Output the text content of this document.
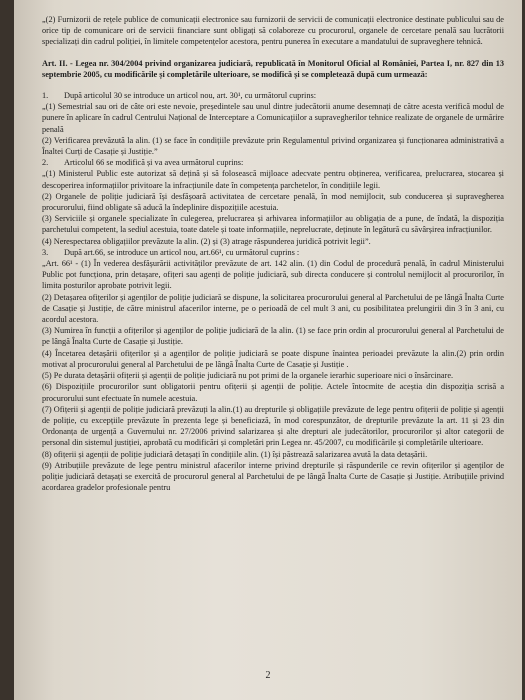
„(2) Furnizorii de rețele publice de comunicații electronice sau furnizorii de servicii de comunicații electronice destinate publicului sau de orice tip de comunicare ori de servicii financiare sunt obligați să colaboreze cu procurorul, organele de cercetare penală sau lucrătorii specializați din cadrul poliției, în limitele competențelor acestora, pentru punerea în executare a mandatului de supraveghere tehnică.

Art. II. - Legea nr. 304/2004 privind organizarea judiciară, republicată în Monitorul Oficial al României, Partea I, nr. 827 din 13 septembrie 2005, cu modificările și completările ulterioare, se modifică și se completează după cum urmează:

1. După articolul 30 se introduce un articol nou, art. 30¹, cu următorul cuprins:

„(1) Semestrial sau ori de câte ori este nevoie, președintele sau unul dintre judecătorii anume desemnați de către acesta verifică modul de punere în aplicare în cadrul Centrului Național de Interceptare a Comunicațiilor a supravegherilor tehnice realizate de organele de urmărire penală

(2) Verificarea prevăzută la alin. (1) se face în condițiile prevăzute prin Regulamentul privind organizarea și funcționarea administrativă a Înaltei Curți de Casație și Justiție.”

2. Articolul 66 se modifică și va avea următorul cuprins:

„(1) Ministerul Public este autorizat să dețină și să folosească mijloace adecvate pentru obținerea, verificarea, prelucrarea, stocarea și descoperirea informațiilor privitoare la infracțiunile date în competența parchetelor, în condițiile legii.

(2) Organele de poliție judiciară își desfășoară activitatea de cercetare penală, în mod nemijlocit, sub conducerea și supravegherea procurorului, fiind obligate să aducă la îndeplinire dispozițiile acestuia.

(3) Serviciile și organele specializate în culegerea, prelucrarea și arhivarea informațiilor au obligația de a pune, de îndată, la dispoziția parchetului competent, la sediul acestuia, toate datele și toate informațiile, neprelucrate, deținute în legătură cu săvârșirea infracțiunilor.

(4) Nerespectarea obligațiilor prevăzute la alin. (2) și (3) atrage răspunderea juridică potrivit legii”.

3. După art.66, se introduce un articol nou, art.66¹, cu următorul cuprins :

„Art. 66¹ - (1) În vederea desfășurării activităților prevăzute de art. 142 alin. (1) din Codul de procedură penală, în cadrul Ministerului Public pot funcționa, prin detașare, ofițeri sau agenți de poliție judiciară, sub directa conducere și controlul nemijlocit al procurorilor, în limita posturilor aprobate potrivit legii.

(2) Detașarea ofițerilor și agenților de poliție judiciară se dispune, la solicitarea procurorului general al Parchetului de pe lângă Înalta Curte de Casație și Justiție, de către ministrul afacerilor interne, pe o perioadă de cel mult 3 ani, cu posibilitatea prelungirii din 3 în 3 ani, cu acordul acestora.

(3) Numirea în funcții a ofițerilor și agenților de poliție judiciară de la alin. (1) se face prin ordin al procurorului general al Parchetului de pe lângă Înalta Curte de Casație și Justiție.

(4) Încetarea detașării ofițerilor și a agenților de poliție judiciară se poate dispune înaintea perioadei prevăzute la alin.(2) prin ordin motivat al procurorului general al Parchetului de pe lângă Înalta Curte de Casație și Justiție .

(5) Pe durata detașării ofițerii și agenții de poliție judiciară nu pot primi de la organele ierarhic superioare nici o însărcinare.

(6) Dispozițiile procurorilor sunt obligatorii pentru ofițerii și agenții de poliție. Actele întocmite de aceștia din dispoziția scrisă a procurorului sunt efectuate în numele acestuia.

(7) Ofițerii și agenții de poliție judiciară prevăzuți la alin.(1) au drepturile și obligațiile prevăzute de lege pentru ofițerii de poliție și agenții de poliție, cu excepțiile prevăzute în prezenta lege și beneficiază, în mod corespunzător, de drepturile prevăzute la art. 11 și 23 din Ordonanța de urgență a Guvernului nr. 27/2006 privind salarizarea și alte drepturi ale judecătorilor, procurorilor și altor categorii de personal din sistemul justiției, aprobată cu modificări și completări prin Legea nr. 45/2007, cu modificările și completările ulterioare.

(8) ofițerii și agenții de poliție judiciară detașați în condițiile alin. (1) își păstrează salarizarea avută la data detașării.

(9) Atribuțiile prevăzute de lege pentru ministrul afacerilor interne privind drepturile și răspunderile ce revin ofițerilor și agenților de poliție judiciară detașați se exercită de procurorul general al Parchetului de pe lângă Înalta Curte de Casație și Justiție. Atribuțiile privind acordarea gradelor profesionale pentru

2
